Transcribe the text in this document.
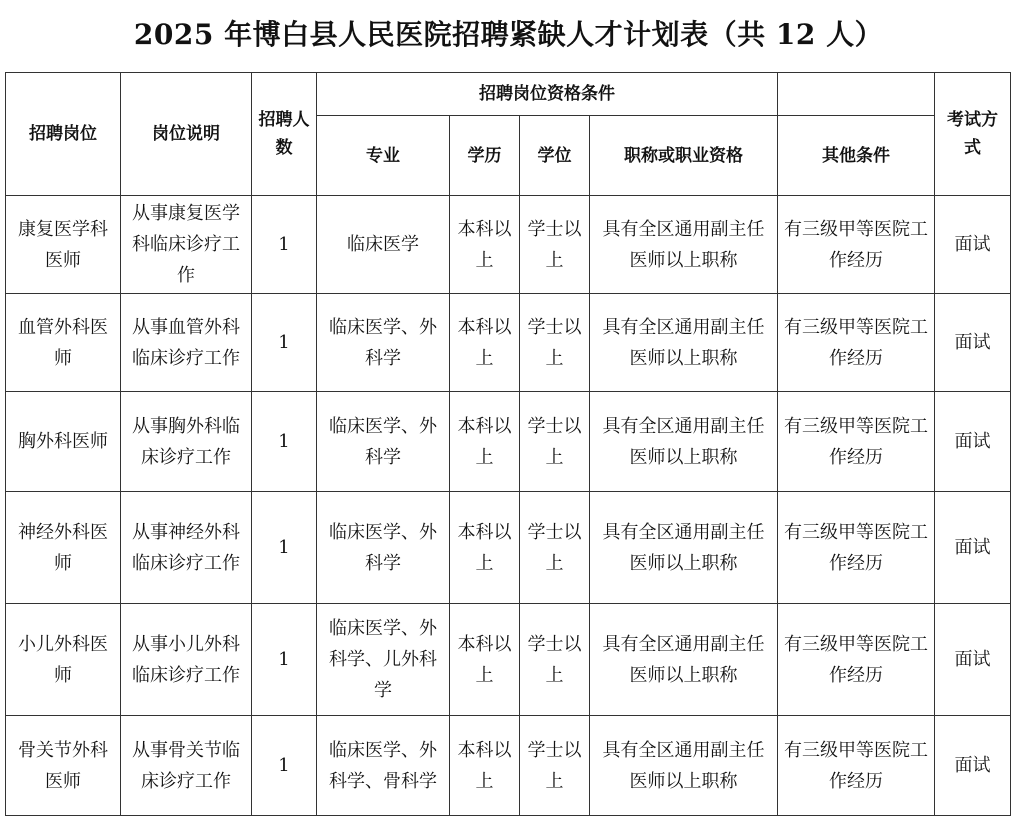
2025 年博白县人民医院招聘紧缺人才计划表（共 12 人）
招聘岗位	岗位说明	招聘人数	招聘岗位资格条件					考试方式
			专业	学历	学位	职称或职业资格	其他条件	
康复医学科医师	从事康复医学科临床诊疗工作	1	临床医学	本科以上	学士以上	具有全区通用副主任医师以上职称	有三级甲等医院工作经历	面试
血管外科医师	从事血管外科临床诊疗工作	1	临床医学、外科学	本科以上	学士以上	具有全区通用副主任医师以上职称	有三级甲等医院工作经历	面试
胸外科医师	从事胸外科临床诊疗工作	1	临床医学、外科学	本科以上	学士以上	具有全区通用副主任医师以上职称	有三级甲等医院工作经历	面试
神经外科医师	从事神经外科临床诊疗工作	1	临床医学、外科学	本科以上	学士以上	具有全区通用副主任医师以上职称	有三级甲等医院工作经历	面试
小儿外科医师	从事小儿外科临床诊疗工作	1	临床医学、外科学、儿外科学	本科以上	学士以上	具有全区通用副主任医师以上职称	有三级甲等医院工作经历	面试
骨关节外科医师	从事骨关节临床诊疗工作	1	临床医学、外科学、骨科学	本科以上	学士以上	具有全区通用副主任医师以上职称	有三级甲等医院工作经历	面试
